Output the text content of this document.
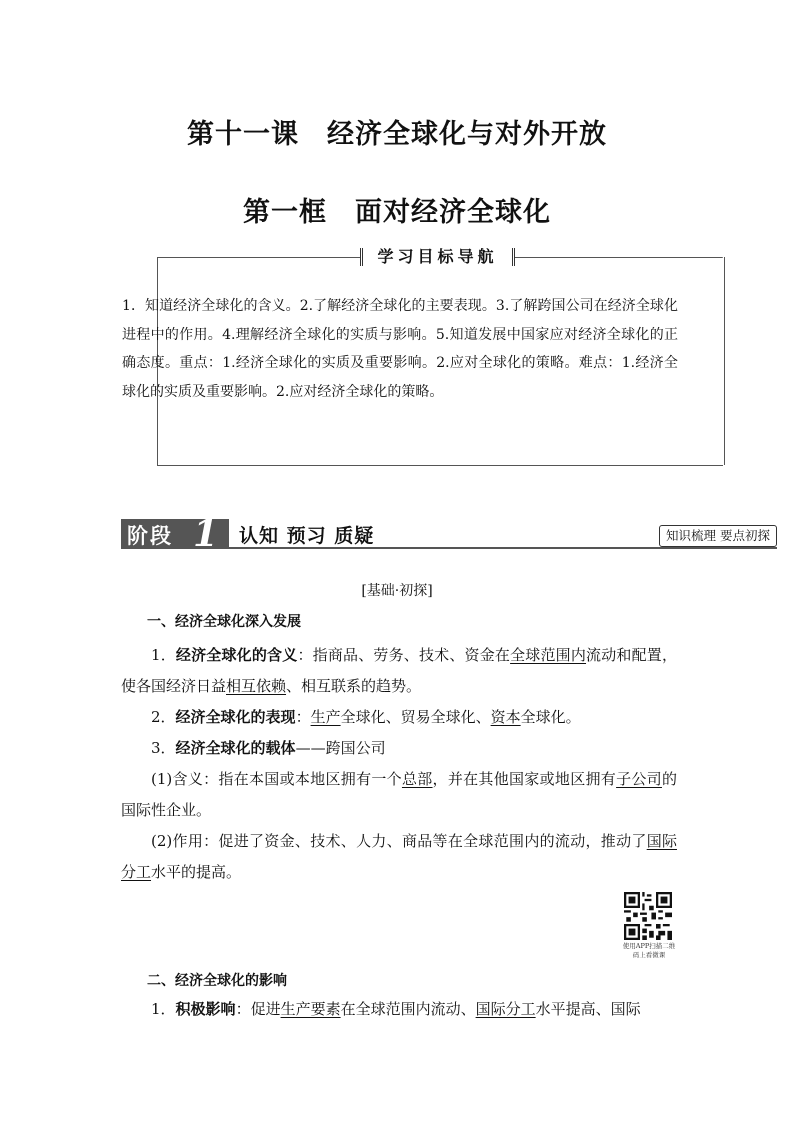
第十一课　经济全球化与对外开放
第一框　面对经济全球化
学习目标导航
1．知道经济全球化的含义。2.了解经济全球化的主要表现。3.了解跨国公司在经济全球化进程中的作用。4.理解经济全球化的实质与影响。5.知道发展中国家应对经济全球化的正确态度。重点：1.经济全球化的实质及重要影响。2.应对全球化的策略。难点：1.经济全球化的实质及重要影响。2.应对经济全球化的策略。
阶段 1 认知 预习 质疑	知识梳理 要点初探
[基础·初探]
一、经济全球化深入发展
1．经济全球化的含义：指商品、劳务、技术、资金在全球范围内流动和配置，使各国经济日益相互依赖、相互联系的趋势。
2．经济全球化的表现：生产全球化、贸易全球化、资本全球化。
3．经济全球化的载体——跨国公司
(1)含义：指在本国或本地区拥有一个总部，并在其他国家或地区拥有子公司的国际性企业。
(2)作用：促进了资金、技术、人力、商品等在全球范围内的流动，推动了国际分工水平的提高。
使用APP扫描二维码上看微课
二、经济全球化的影响
1．积极影响：促进生产要素在全球范围内流动、国际分工水平提高、国际
